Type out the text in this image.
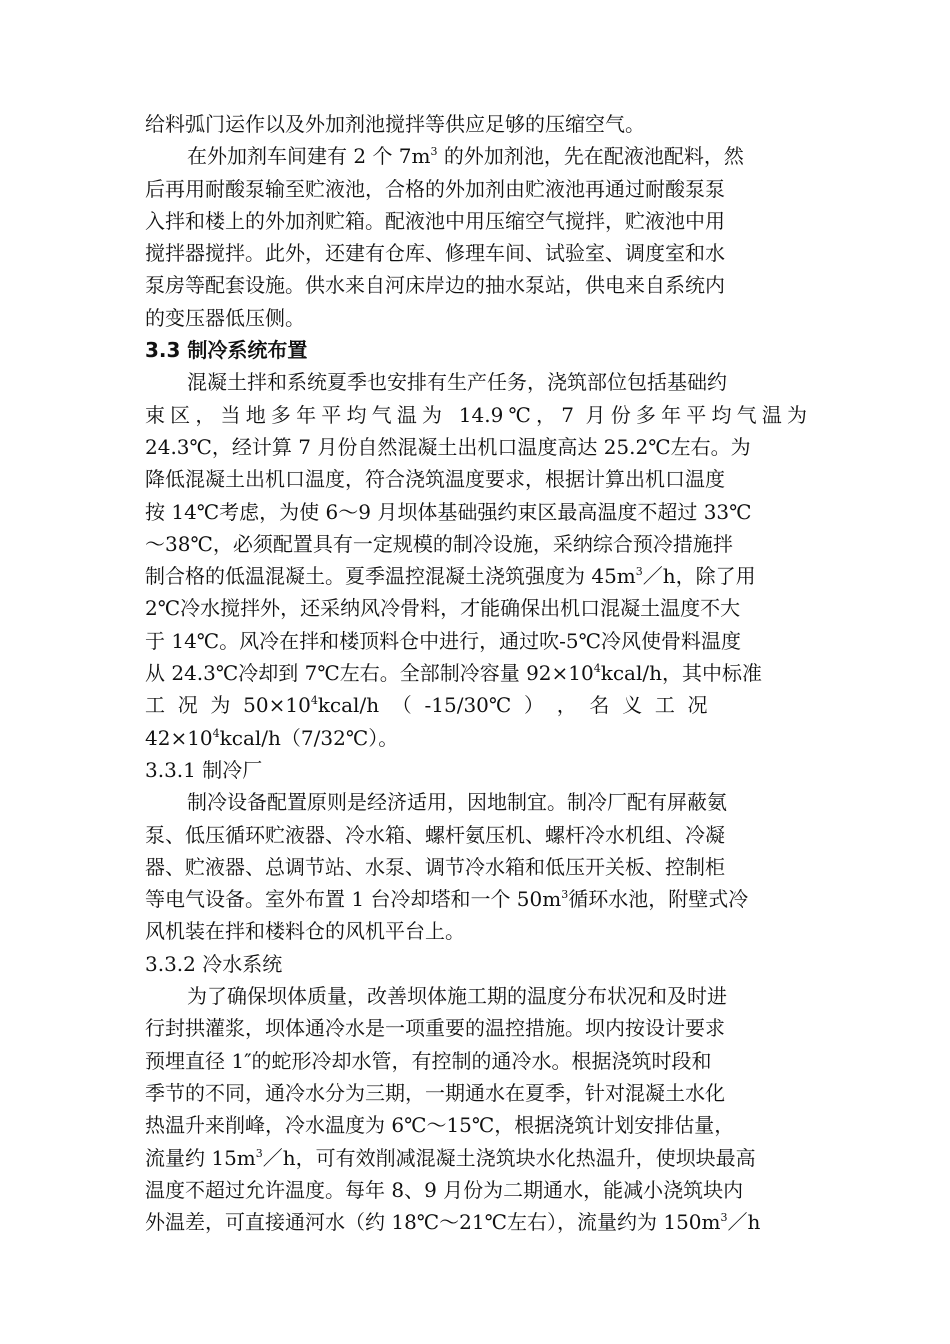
给料弧门运作以及外加剂池搅拌等供应足够的压缩空气。
在外加剂车间建有 2 个 $7m^3$ 的外加剂池，先在配液池配料，然
后再用耐酸泵输至贮液池，合格的外加剂由贮液池再通过耐酸泵泵
入拌和楼上的外加剂贮箱。配液池中用压缩空气搅拌，贮液池中用
搅拌器搅拌。此外，还建有仓库、修理车间、试验室、调度室和水
泵房等配套设施。供水来自河床岸边的抽水泵站，供电来自系统内
的变压器低压侧。
3.3 制冷系统布置
混凝土拌和系统夏季也安排有生产任务，浇筑部位包括基础约
束区，当地多年平均气温为 14.9℃，7 月份多年平均气温为
24.3℃，经计算 7 月份自然混凝土出机口温度高达 25.2℃左右。为
降低混凝土出机口温度，符合浇筑温度要求，根据计算出机口温度
按 14℃考虑，为使 6～9 月坝体基础强约束区最高温度不超过 33℃
～38℃，必须配置具有一定规模的制冷设施，采纳综合预冷措施拌
制合格的低温混凝土。夏季温控混凝土浇筑强度为 $45m^3/h$，除了用
2℃冷水搅拌外，还采纳风冷骨料，才能确保出机口混凝土温度不大
于 14℃。风冷在拌和楼顶料仓中进行，通过吹-5℃冷风使骨料温度
从 24.3℃冷却到 7℃左右。全部制冷容量 $92\times 10^4kcal/h$，其中标准
工  况  为  $50\times 10^4kcal/h$  （  -15/30℃  ）  ，  名  义  工  况
$42\times 10^4kcal/h(7/32℃)$。
3.3.1 制冷厂
制冷设备配置原则是经济适用，因地制宜。制冷厂配有屏蔽氨
泵、低压循环贮液器、冷水箱、螺杆氨压机、螺杆冷水机组、冷凝
器、贮液器、总调节站、水泵、调节冷水箱和低压开关板、控制柜
等电气设备。室外布置 1 台冷却塔和一个 $50m^3$循环水池，附壁式冷
风机装在拌和楼料仓的风机平台上。
3.3.2 冷水系统
为了确保坝体质量，改善坝体施工期的温度分布状况和及时进
行封拱灌浆，坝体通冷水是一项重要的温控措施。坝内按设计要求
预埋直径 1″的蛇形冷却水管，有控制的通冷水。根据浇筑时段和
季节的不同，通冷水分为三期，一期通水在夏季，针对混凝土水化
热温升来削峰，冷水温度为 6℃～15℃，根据浇筑计划安排估量，
流量约 $15m^3/h$，可有效削减混凝土浇筑块水化热温升，使坝块最高
温度不超过允许温度。每年 8、9 月份为二期通水，能减小浇筑块内
外温差，可直接通河水（约 18℃～21℃左右），流量约为 $150m^3/h$
